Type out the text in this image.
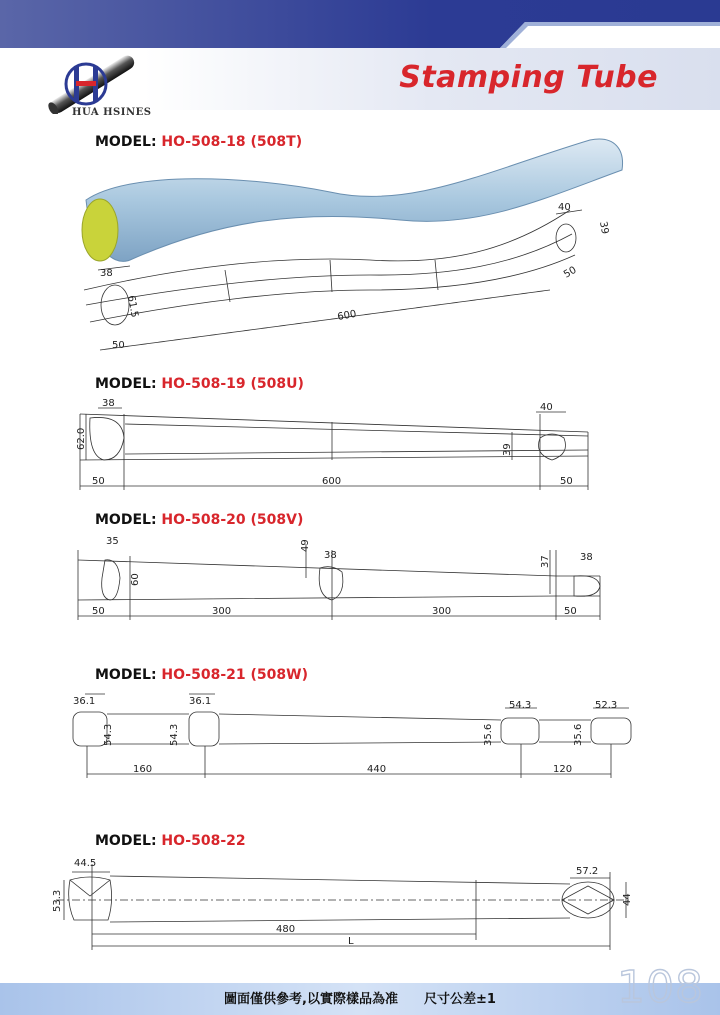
HUA HSINES
Stamping Tube
MODEL: HO-508-18 (508T)
38
61.5
50
600
40
39
50
MODEL: HO-508-19 (508U)
38
62.0
50	600
40
39
50
MODEL: HO-508-20 (508V)
35
60
49
38	37	38
50	300	300	50
MODEL: HO-508-21 (508W)
36.1
54.3
36.1
54.3
54.3
35.6
52.3
35.6
160	440	120
MODEL: HO-508-22
44.5
53.3
57.2
44
480
L
圖面僅供參考,以實際樣品為准　　尺寸公差±1	108
